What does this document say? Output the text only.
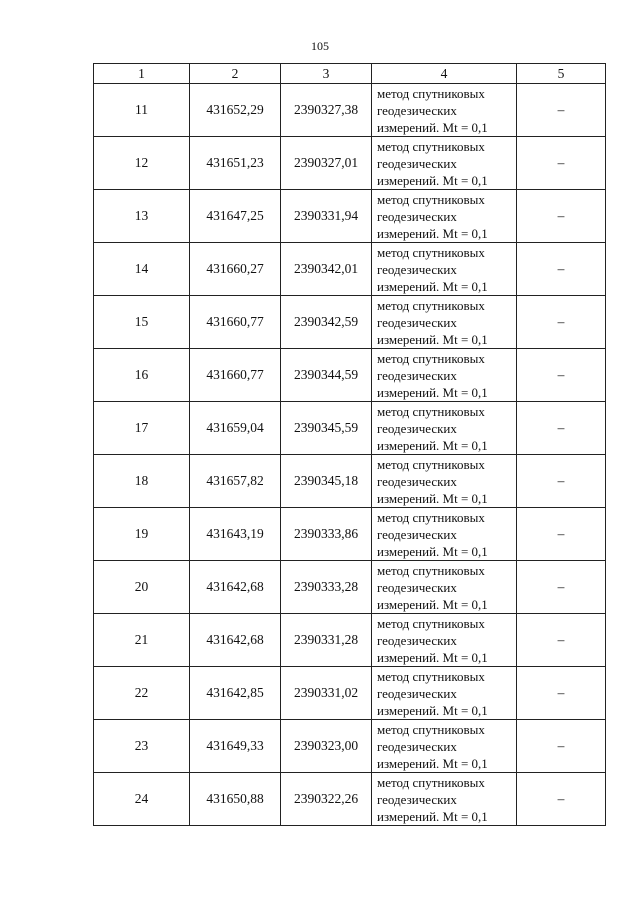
105
1	2	3	4	5
11	431652,29	2390327,38	метод спутниковых
геодезических
измерений. Mt = 0,1	–
12	431651,23	2390327,01	метод спутниковых
геодезических
измерений. Mt = 0,1	–
13	431647,25	2390331,94	метод спутниковых
геодезических
измерений. Mt = 0,1	–
14	431660,27	2390342,01	метод спутниковых
геодезических
измерений. Mt = 0,1	–
15	431660,77	2390342,59	метод спутниковых
геодезических
измерений. Mt = 0,1	–
16	431660,77	2390344,59	метод спутниковых
геодезических
измерений. Mt = 0,1	–
17	431659,04	2390345,59	метод спутниковых
геодезических
измерений. Mt = 0,1	–
18	431657,82	2390345,18	метод спутниковых
геодезических
измерений. Mt = 0,1	–
19	431643,19	2390333,86	метод спутниковых
геодезических
измерений. Mt = 0,1	–
20	431642,68	2390333,28	метод спутниковых
геодезических
измерений. Mt = 0,1	–
21	431642,68	2390331,28	метод спутниковых
геодезических
измерений. Mt = 0,1	–
22	431642,85	2390331,02	метод спутниковых
геодезических
измерений. Mt = 0,1	–
23	431649,33	2390323,00	метод спутниковых
геодезических
измерений. Mt = 0,1	–
24	431650,88	2390322,26	метод спутниковых
геодезических
измерений. Mt = 0,1	–
